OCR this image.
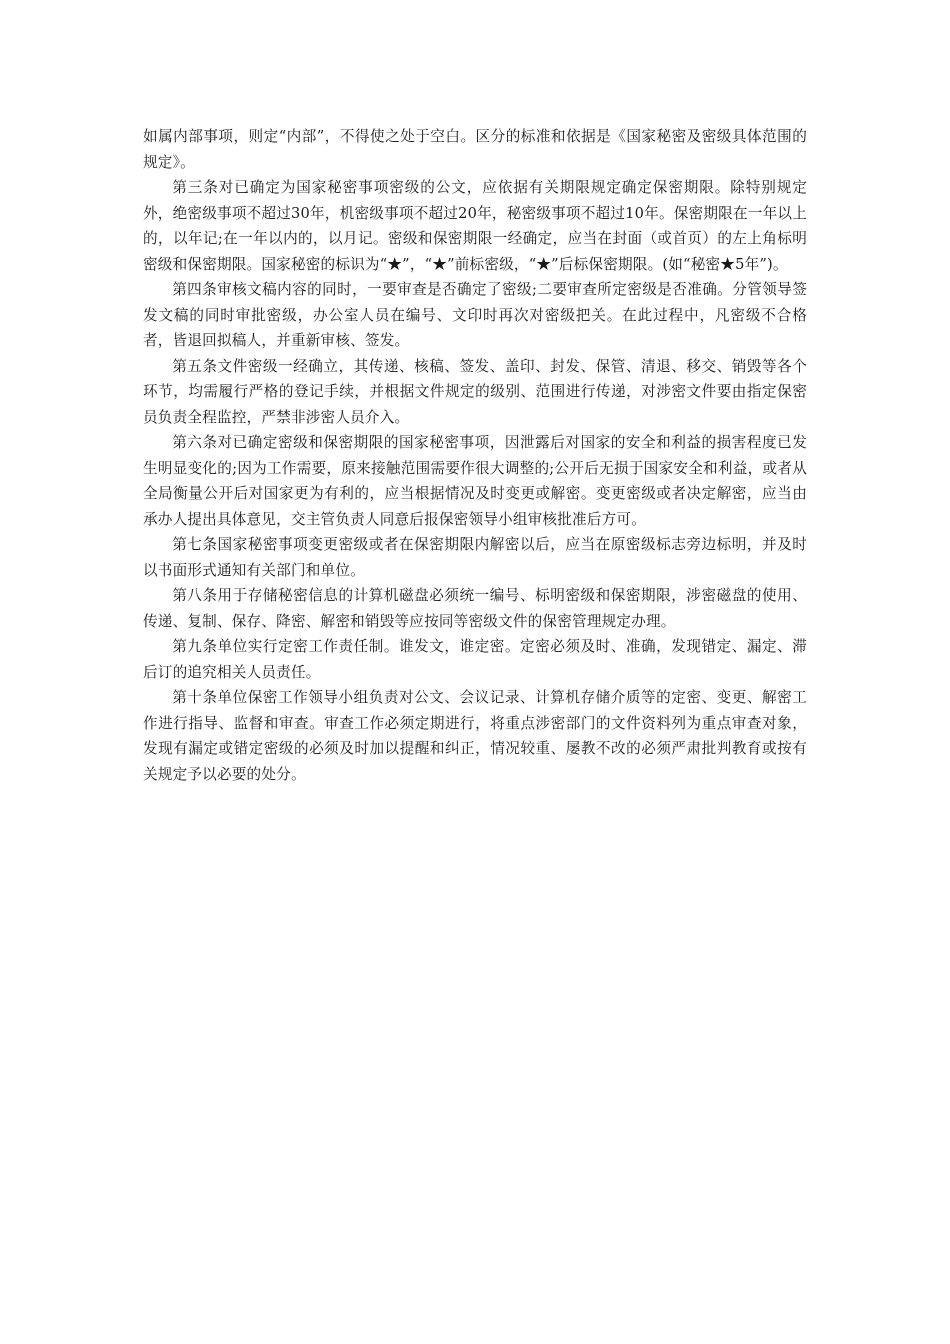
如属内部事项，则定“内部”，不得使之处于空白。区分的标准和依据是《国家秘密及密级具体范围的规定》。

第三条对已确定为国家秘密事项密级的公文，应依据有关期限规定确定保密期限。除特别规定外，绝密级事项不超过30年，机密级事项不超过20年，秘密级事项不超过10年。保密期限在一年以上的，以年记;在一年以内的，以月记。密级和保密期限一经确定，应当在封面（或首页）的左上角标明密级和保密期限。国家秘密的标识为“★”，“★”前标密级，“★”后标保密期限。(如“秘密★5年”)。

第四条审核文稿内容的同时，一要审查是否确定了密级;二要审查所定密级是否准确。分管领导签发文稿的同时审批密级，办公室人员在编号、文印时再次对密级把关。在此过程中，凡密级不合格者，皆退回拟稿人，并重新审核、签发。

第五条文件密级一经确立，其传递、核稿、签发、盖印、封发、保管、清退、移交、销毁等各个环节，均需履行严格的登记手续，并根据文件规定的级别、范围进行传递，对涉密文件要由指定保密员负责全程监控，严禁非涉密人员介入。

第六条对已确定密级和保密期限的国家秘密事项，因泄露后对国家的安全和利益的损害程度已发生明显变化的;因为工作需要，原来接触范围需要作很大调整的;公开后无损于国家安全和利益，或者从全局衡量公开后对国家更为有利的，应当根据情况及时变更或解密。变更密级或者决定解密，应当由承办人提出具体意见，交主管负责人同意后报保密领导小组审核批准后方可。

第七条国家秘密事项变更密级或者在保密期限内解密以后，应当在原密级标志旁边标明，并及时以书面形式通知有关部门和单位。

第八条用于存储秘密信息的计算机磁盘必须统一编号、标明密级和保密期限，涉密磁盘的使用、传递、复制、保存、降密、解密和销毁等应按同等密级文件的保密管理规定办理。

第九条单位实行定密工作责任制。谁发文，谁定密。定密必须及时、准确，发现错定、漏定、滞后订的追究相关人员责任。

第十条单位保密工作领导小组负责对公文、会议记录、计算机存储介质等的定密、变更、解密工作进行指导、监督和审查。审查工作必须定期进行，将重点涉密部门的文件资料列为重点审查对象，发现有漏定或错定密级的必须及时加以提醒和纠正，情况较重、屡教不改的必须严肃批判教育或按有关规定予以必要的处分。
